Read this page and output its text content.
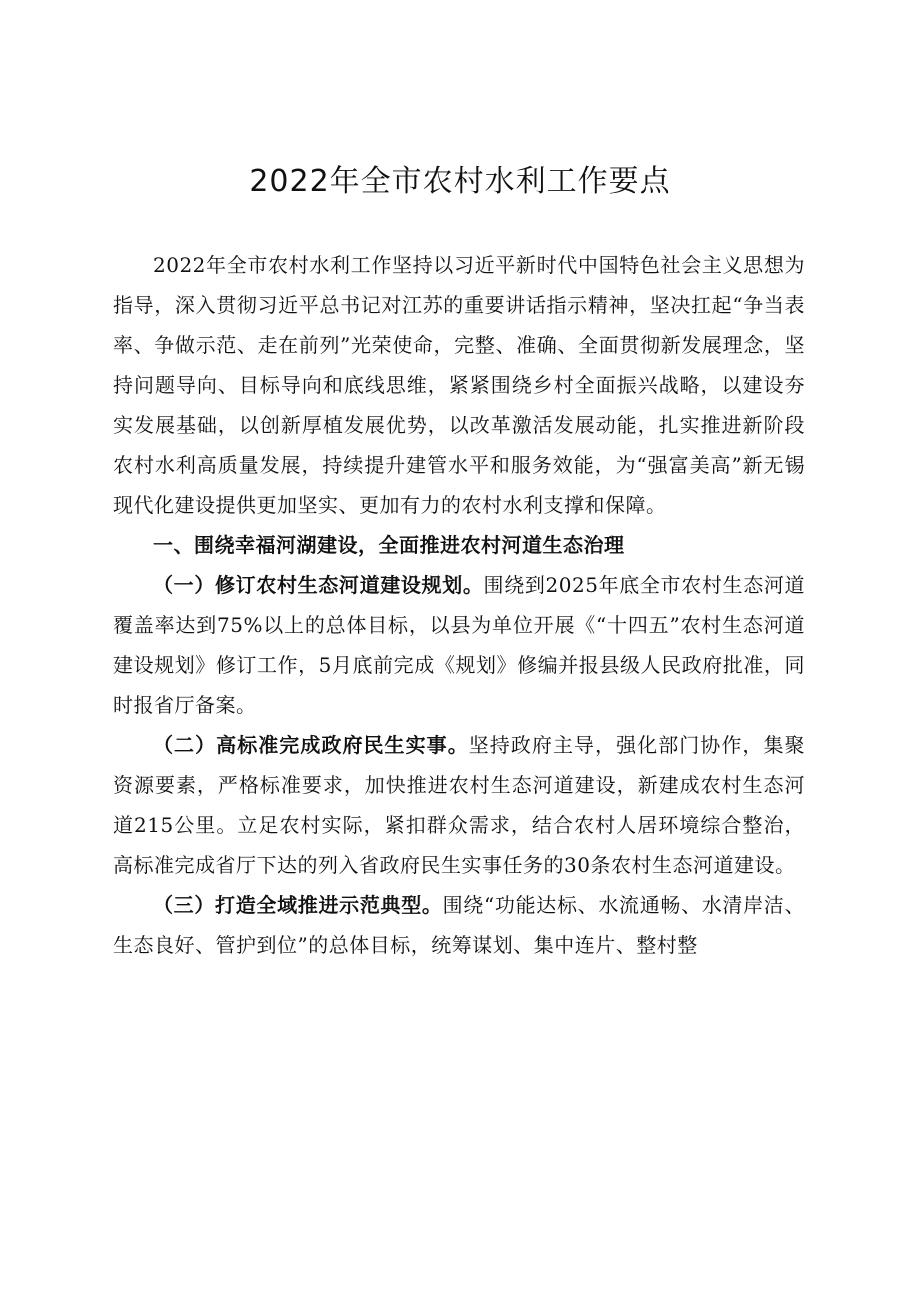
2022年全市农村水利工作要点

2022年全市农村水利工作坚持以习近平新时代中国特色社会主义思想为指导，深入贯彻习近平总书记对江苏的重要讲话指示精神，坚决扛起“争当表率、争做示范、走在前列”光荣使命，完整、准确、全面贯彻新发展理念，坚持问题导向、目标导向和底线思维，紧紧围绕乡村全面振兴战略，以建设夯实发展基础，以创新厚植发展优势，以改革激活发展动能，扎实推进新阶段农村水利高质量发展，持续提升建管水平和服务效能，为“强富美高”新无锡现代化建设提供更加坚实、更加有力的农村水利支撑和保障。

一、围绕幸福河湖建设，全面推进农村河道生态治理

（一）修订农村生态河道建设规划。围绕到2025年底全市农村生态河道覆盖率达到75%以上的总体目标，以县为单位开展《“十四五”农村生态河道建设规划》修订工作，5月底前完成《规划》修编并报县级人民政府批准，同时报省厅备案。

（二）高标准完成政府民生实事。坚持政府主导，强化部门协作，集聚资源要素，严格标准要求，加快推进农村生态河道建设，新建成农村生态河道215公里。立足农村实际，紧扣群众需求，结合农村人居环境综合整治，高标准完成省厅下达的列入省政府民生实事任务的30条农村生态河道建设。

（三）打造全域推进示范典型。围绕“功能达标、水流通畅、水清岸洁、生态良好、管护到位”的总体目标，统筹谋划、集中连片、整村整
